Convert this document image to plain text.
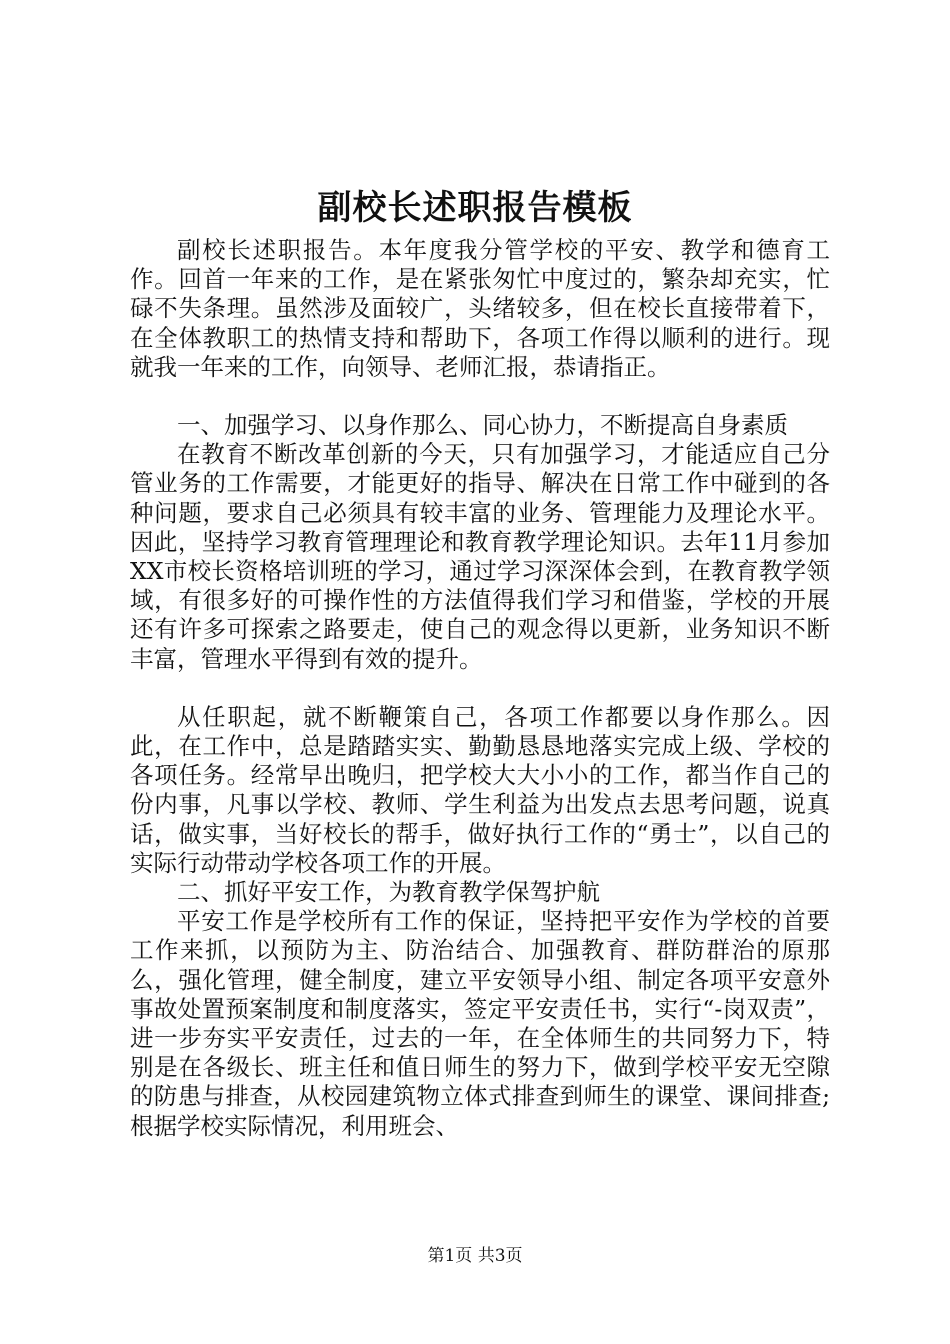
副校长述职报告模板

副校长述职报告。本年度我分管学校的平安、教学和德育工作。回首一年来的工作，是在紧张匆忙中度过的，繁杂却充实，忙碌不失条理。虽然涉及面较广，头绪较多，但在校长直接带着下，在全体教职工的热情支持和帮助下，各项工作得以顺利的进行。现就我一年来的工作，向领导、老师汇报，恭请指正。

一、加强学习、以身作那么、同心协力，不断提高自身素质

在教育不断改革创新的今天，只有加强学习，才能适应自己分管业务的工作需要，才能更好的指导、解决在日常工作中碰到的各种问题，要求自己必须具有较丰富的业务、管理能力及理论水平。因此，坚持学习教育管理理论和教育教学理论知识。去年11月参加XX市校长资格培训班的学习，通过学习深深体会到，在教育教学领域，有很多好的可操作性的方法值得我们学习和借鉴，学校的开展还有许多可探索之路要走，使自己的观念得以更新，业务知识不断丰富，管理水平得到有效的提升。

从任职起，就不断鞭策自己，各项工作都要以身作那么。因此，在工作中，总是踏踏实实、勤勤恳恳地落实完成上级、学校的各项任务。经常早出晚归，把学校大大小小的工作，都当作自己的份内事，凡事以学校、教师、学生利益为出发点去思考问题，说真话，做实事，当好校长的帮手，做好执行工作的“勇士”，以自己的实际行动带动学校各项工作的开展。

二、抓好平安工作，为教育教学保驾护航

平安工作是学校所有工作的保证，坚持把平安作为学校的首要工作来抓，以预防为主、防治结合、加强教育、群防群治的原那么，强化管理，健全制度，建立平安领导小组、制定各项平安意外事故处置预案制度和制度落实，签定平安责任书，实行“-岗双责”，进一步夯实平安责任，过去的一年，在全体师生的共同努力下，特别是在各级长、班主任和值日师生的努力下，做到学校平安无空隙的防患与排查，从校园建筑物立体式排查到师生的课堂、课间排查;根据学校实际情况，利用班会、

第1页 共3页
